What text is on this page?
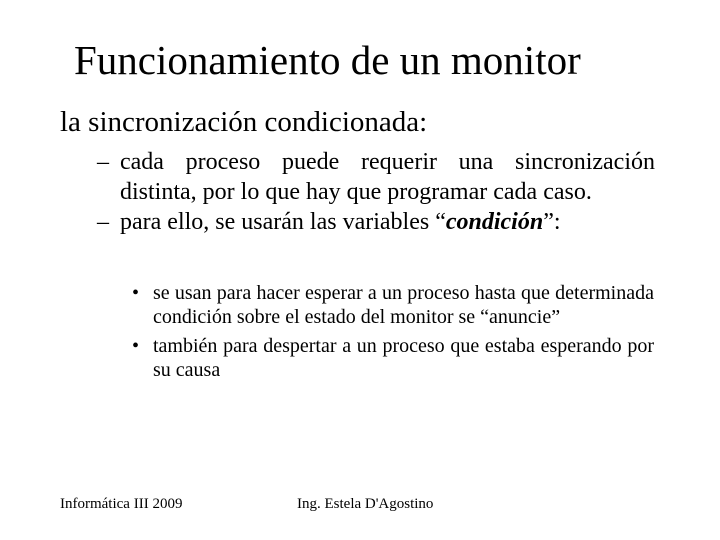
Funcionamiento de un monitor
la sincronización condicionada:
– cada proceso puede requerir una sincronización distinta, por lo que hay que programar cada caso.
– para ello, se usarán las variables “condición”:
• se usan para hacer esperar a un proceso hasta que determinada condición sobre el estado del monitor se “anuncie”
• también para despertar a un proceso que estaba esperando por su causa
Informática III 2009	Ing. Estela D'Agostino
